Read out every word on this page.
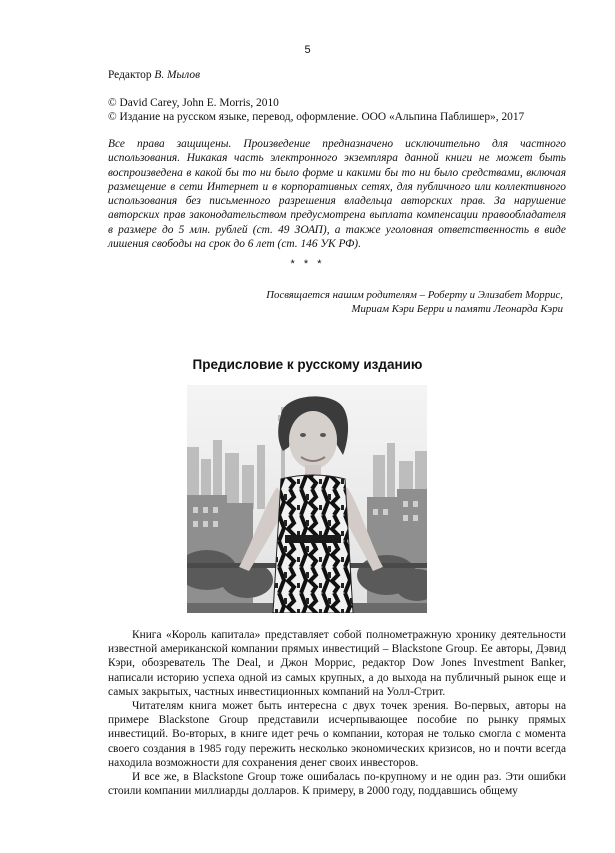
5
Редактор В. Мылов
© David Carey, John E. Morris, 2010
© Издание на русском языке, перевод, оформление. ООО «Альпина Паблишер», 2017
Все права защищены. Произведение предназначено исключительно для частного использования. Никакая часть электронного экземпляра данной книги не может быть воспроизведена в какой бы то ни было форме и какими бы то ни было средствами, включая размещение в сети Интернет и в корпоративных сетях, для публичного или коллективного использования без письменного разрешения владельца авторских прав. За нарушение авторских прав законодательством предусмотрена выплата компенсации правообладателя в размере до 5 млн. рублей (ст. 49 ЗОАП), а также уголовная ответственность в виде лишения свободы на срок до 6 лет (ст. 146 УК РФ).
* * *
Посвящается нашим родителям – Роберту и Элизабет Моррис,
Мириам Кэри Берри и памяти Леонарда Кэри
Предисловие к русскому изданию

Книга «Король капитала» представляет собой полнометражную хронику деятельности известной американской компании прямых инвестиций – Blackstone Group. Ее авторы, Дэвид Кэри, обозреватель The Deal, и Джон Моррис, редактор Dow Jones Investment Banker, написали историю успеха одной из самых крупных, а до выхода на публичный рынок еще и самых закрытых, частных инвестиционных компаний на Уолл-Стрит.

Читателям книга может быть интересна с двух точек зрения. Во-первых, авторы на примере Blackstone Group представили исчерпывающее пособие по рынку прямых инвестиций. Во-вторых, в книге идет речь о компании, которая не только смогла с момента своего создания в 1985 году пережить несколько экономических кризисов, но и почти всегда находила возможности для сохранения денег своих инвесторов.

И все же, в Blackstone Group тоже ошибалась по-крупному и не один раз. Эти ошибки стоили компании миллиарды долларов. К примеру, в 2000 году, поддавшись общему
